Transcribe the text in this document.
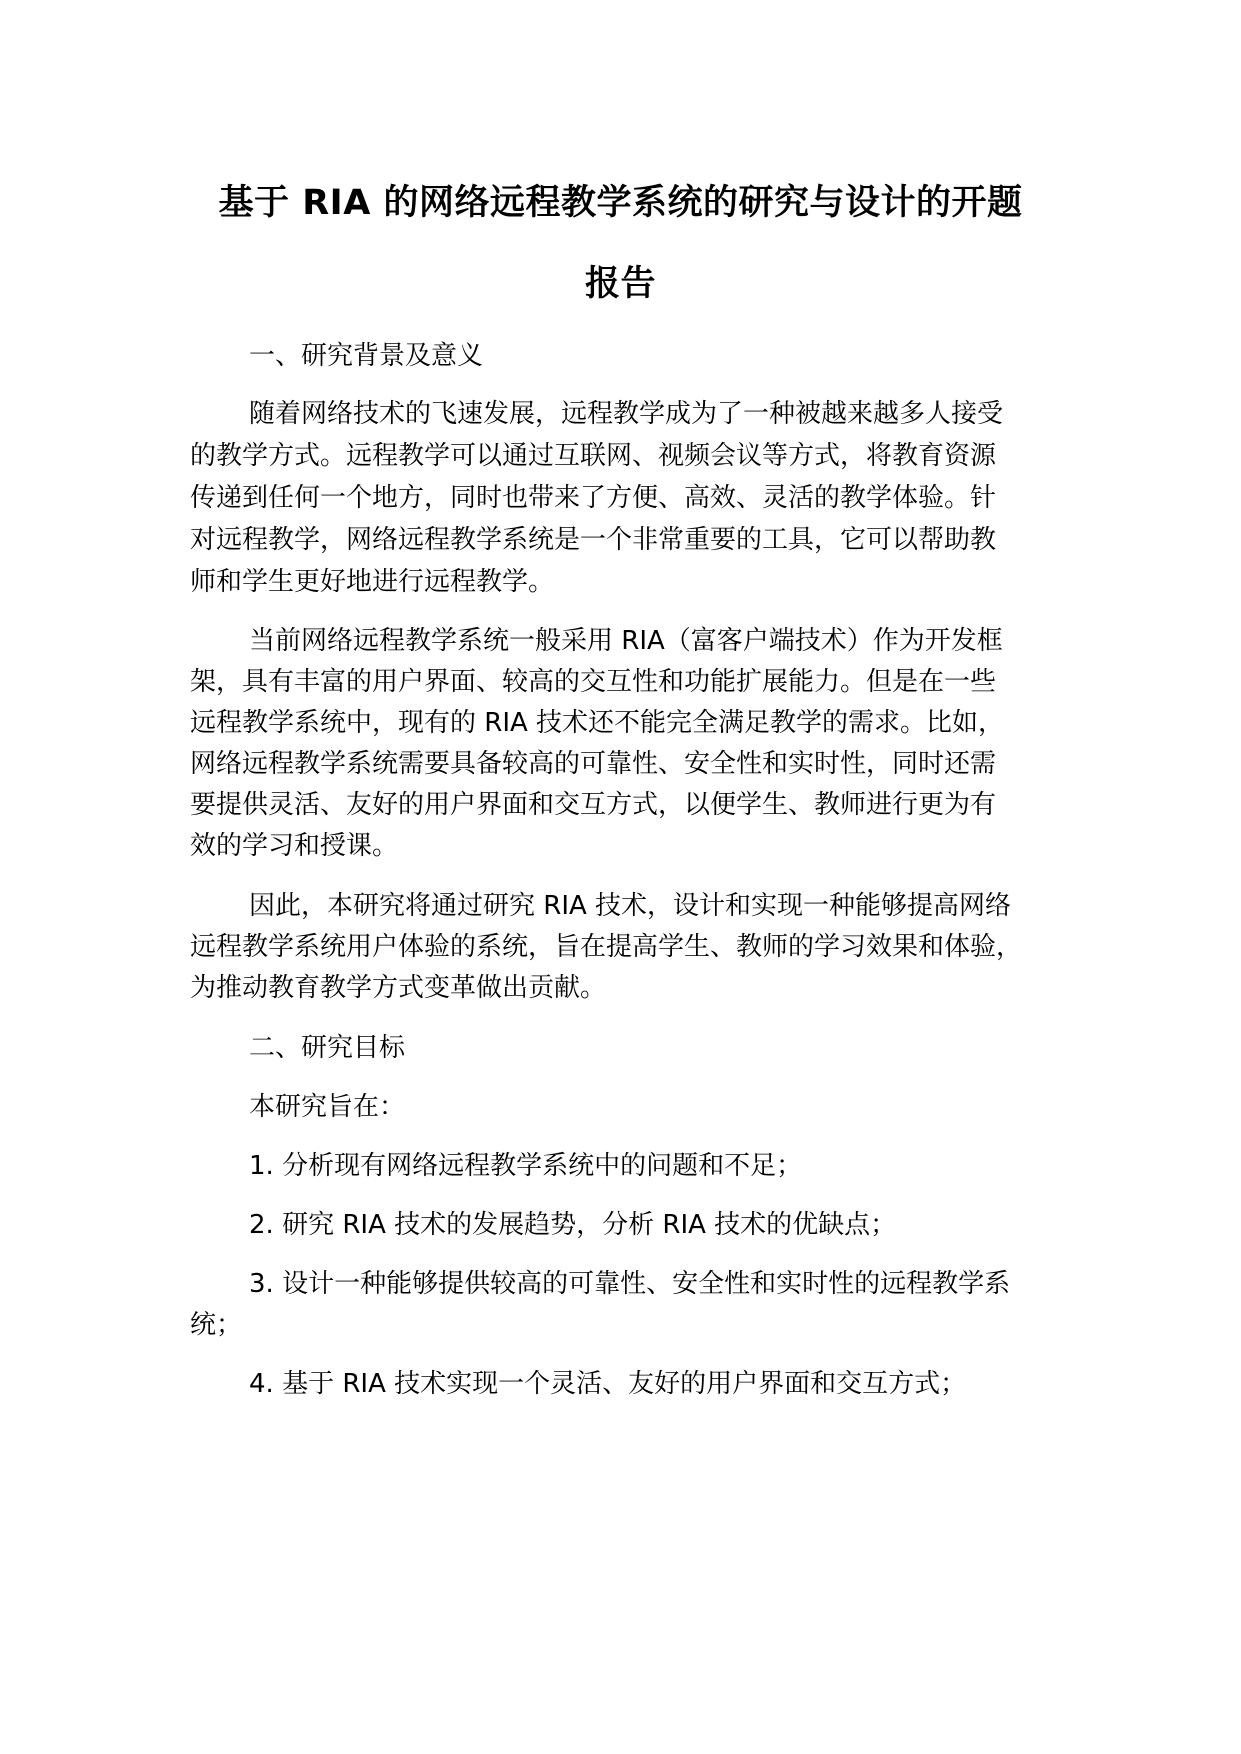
基于 RIA 的网络远程教学系统的研究与设计的开题
报告
一、研究背景及意义
随着网络技术的飞速发展，远程教学成为了一种被越来越多人接受
的教学方式。远程教学可以通过互联网、视频会议等方式，将教育资源
传递到任何一个地方，同时也带来了方便、高效、灵活的教学体验。针
对远程教学，网络远程教学系统是一个非常重要的工具，它可以帮助教
师和学生更好地进行远程教学。
当前网络远程教学系统一般采用 RIA（富客户端技术）作为开发框
架，具有丰富的用户界面、较高的交互性和功能扩展能力。但是在一些
远程教学系统中，现有的 RIA 技术还不能完全满足教学的需求。比如，
网络远程教学系统需要具备较高的可靠性、安全性和实时性，同时还需
要提供灵活、友好的用户界面和交互方式，以便学生、教师进行更为有
效的学习和授课。
因此，本研究将通过研究 RIA 技术，设计和实现一种能够提高网络
远程教学系统用户体验的系统，旨在提高学生、教师的学习效果和体验，
为推动教育教学方式变革做出贡献。
二、研究目标
本研究旨在：
1. 分析现有网络远程教学系统中的问题和不足；
2. 研究 RIA 技术的发展趋势，分析 RIA 技术的优缺点；
3. 设计一种能够提供较高的可靠性、安全性和实时性的远程教学系
统；
4. 基于 RIA 技术实现一个灵活、友好的用户界面和交互方式；
